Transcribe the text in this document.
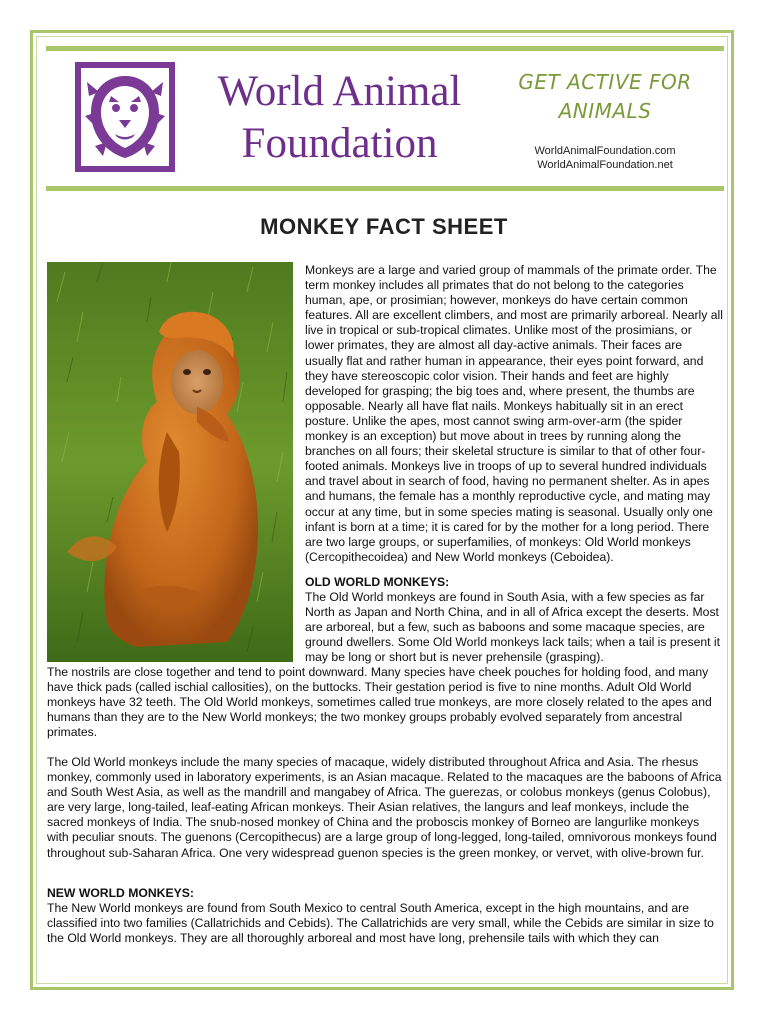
World Animal
Foundation
GET ACTIVE FOR
ANIMALS
WorldAnimalFoundation.com
WorldAnimalFoundation.net
MONKEY FACT SHEET

Monkeys are a large and varied group of mammals of the primate order. The term monkey includes all primates that do not belong to the categories human, ape, or prosimian; however, monkeys do have certain common features. All are excellent climbers, and most are primarily arboreal. Nearly all live in tropical or sub-tropical climates. Unlike most of the prosimians, or lower primates, they are almost all day-active animals. Their faces are usually flat and rather human in appearance, their eyes point forward, and they have stereoscopic color vision. Their hands and feet are highly developed for grasping; the big toes and, where present, the thumbs are opposable. Nearly all have flat nails. Monkeys habitually sit in an erect posture. Unlike the apes, most cannot swing arm-over-arm (the spider monkey is an exception) but move about in trees by running along the branches on all fours; their skeletal structure is similar to that of other four-footed animals. Monkeys live in troops of up to several hundred individuals and travel about in search of food, having no permanent shelter. As in apes and humans, the female has a monthly reproductive cycle, and mating may occur at any time, but in some species mating is seasonal. Usually only one infant is born at a time; it is cared for by the mother for a long period. There are two large groups, or superfamilies, of monkeys: Old World monkeys (Cercopithecoidea) and New World monkeys (Ceboidea).

OLD WORLD MONKEYS:

The Old World monkeys are found in South Asia, with a few species as far North as Japan and North China, and in all of Africa except the deserts. Most are arboreal, but a few, such as baboons and some macaque species, are ground dwellers. Some Old World monkeys lack tails; when a tail is present it may be long or short but is never prehensile (grasping).

The nostrils are close together and tend to point downward. Many species have cheek pouches for holding food, and many have thick pads (called ischial callosities), on the buttocks. Their gestation period is five to nine months. Adult Old World monkeys have 32 teeth. The Old World monkeys, sometimes called true monkeys, are more closely related to the apes and humans than they are to the New World monkeys; the two monkey groups probably evolved separately from ancestral primates.

The Old World monkeys include the many species of macaque, widely distributed throughout Africa and Asia. The rhesus monkey, commonly used in laboratory experiments, is an Asian macaque. Related to the macaques are the baboons of Africa and South West Asia, as well as the mandrill and mangabey of Africa. The guerezas, or colobus monkeys (genus Colobus), are very large, long-tailed, leaf-eating African monkeys. Their Asian relatives, the langurs and leaf monkeys, include the sacred monkeys of India. The snub-nosed monkey of China and the proboscis monkey of Borneo are langurlike monkeys with peculiar snouts. The guenons (Cercopithecus) are a large group of long-legged, long-tailed, omnivorous monkeys found throughout sub-Saharan Africa. One very widespread guenon species is the green monkey, or vervet, with olive-brown fur.

NEW WORLD MONKEYS:

The New World monkeys are found from South Mexico to central South America, except in the high mountains, and are classified into two families (Callatrichids and Cebids). The Callatrichids are very small, while the Cebids are similar in size to the Old World monkeys. They are all thoroughly arboreal and most have long, prehensile tails with which they can
